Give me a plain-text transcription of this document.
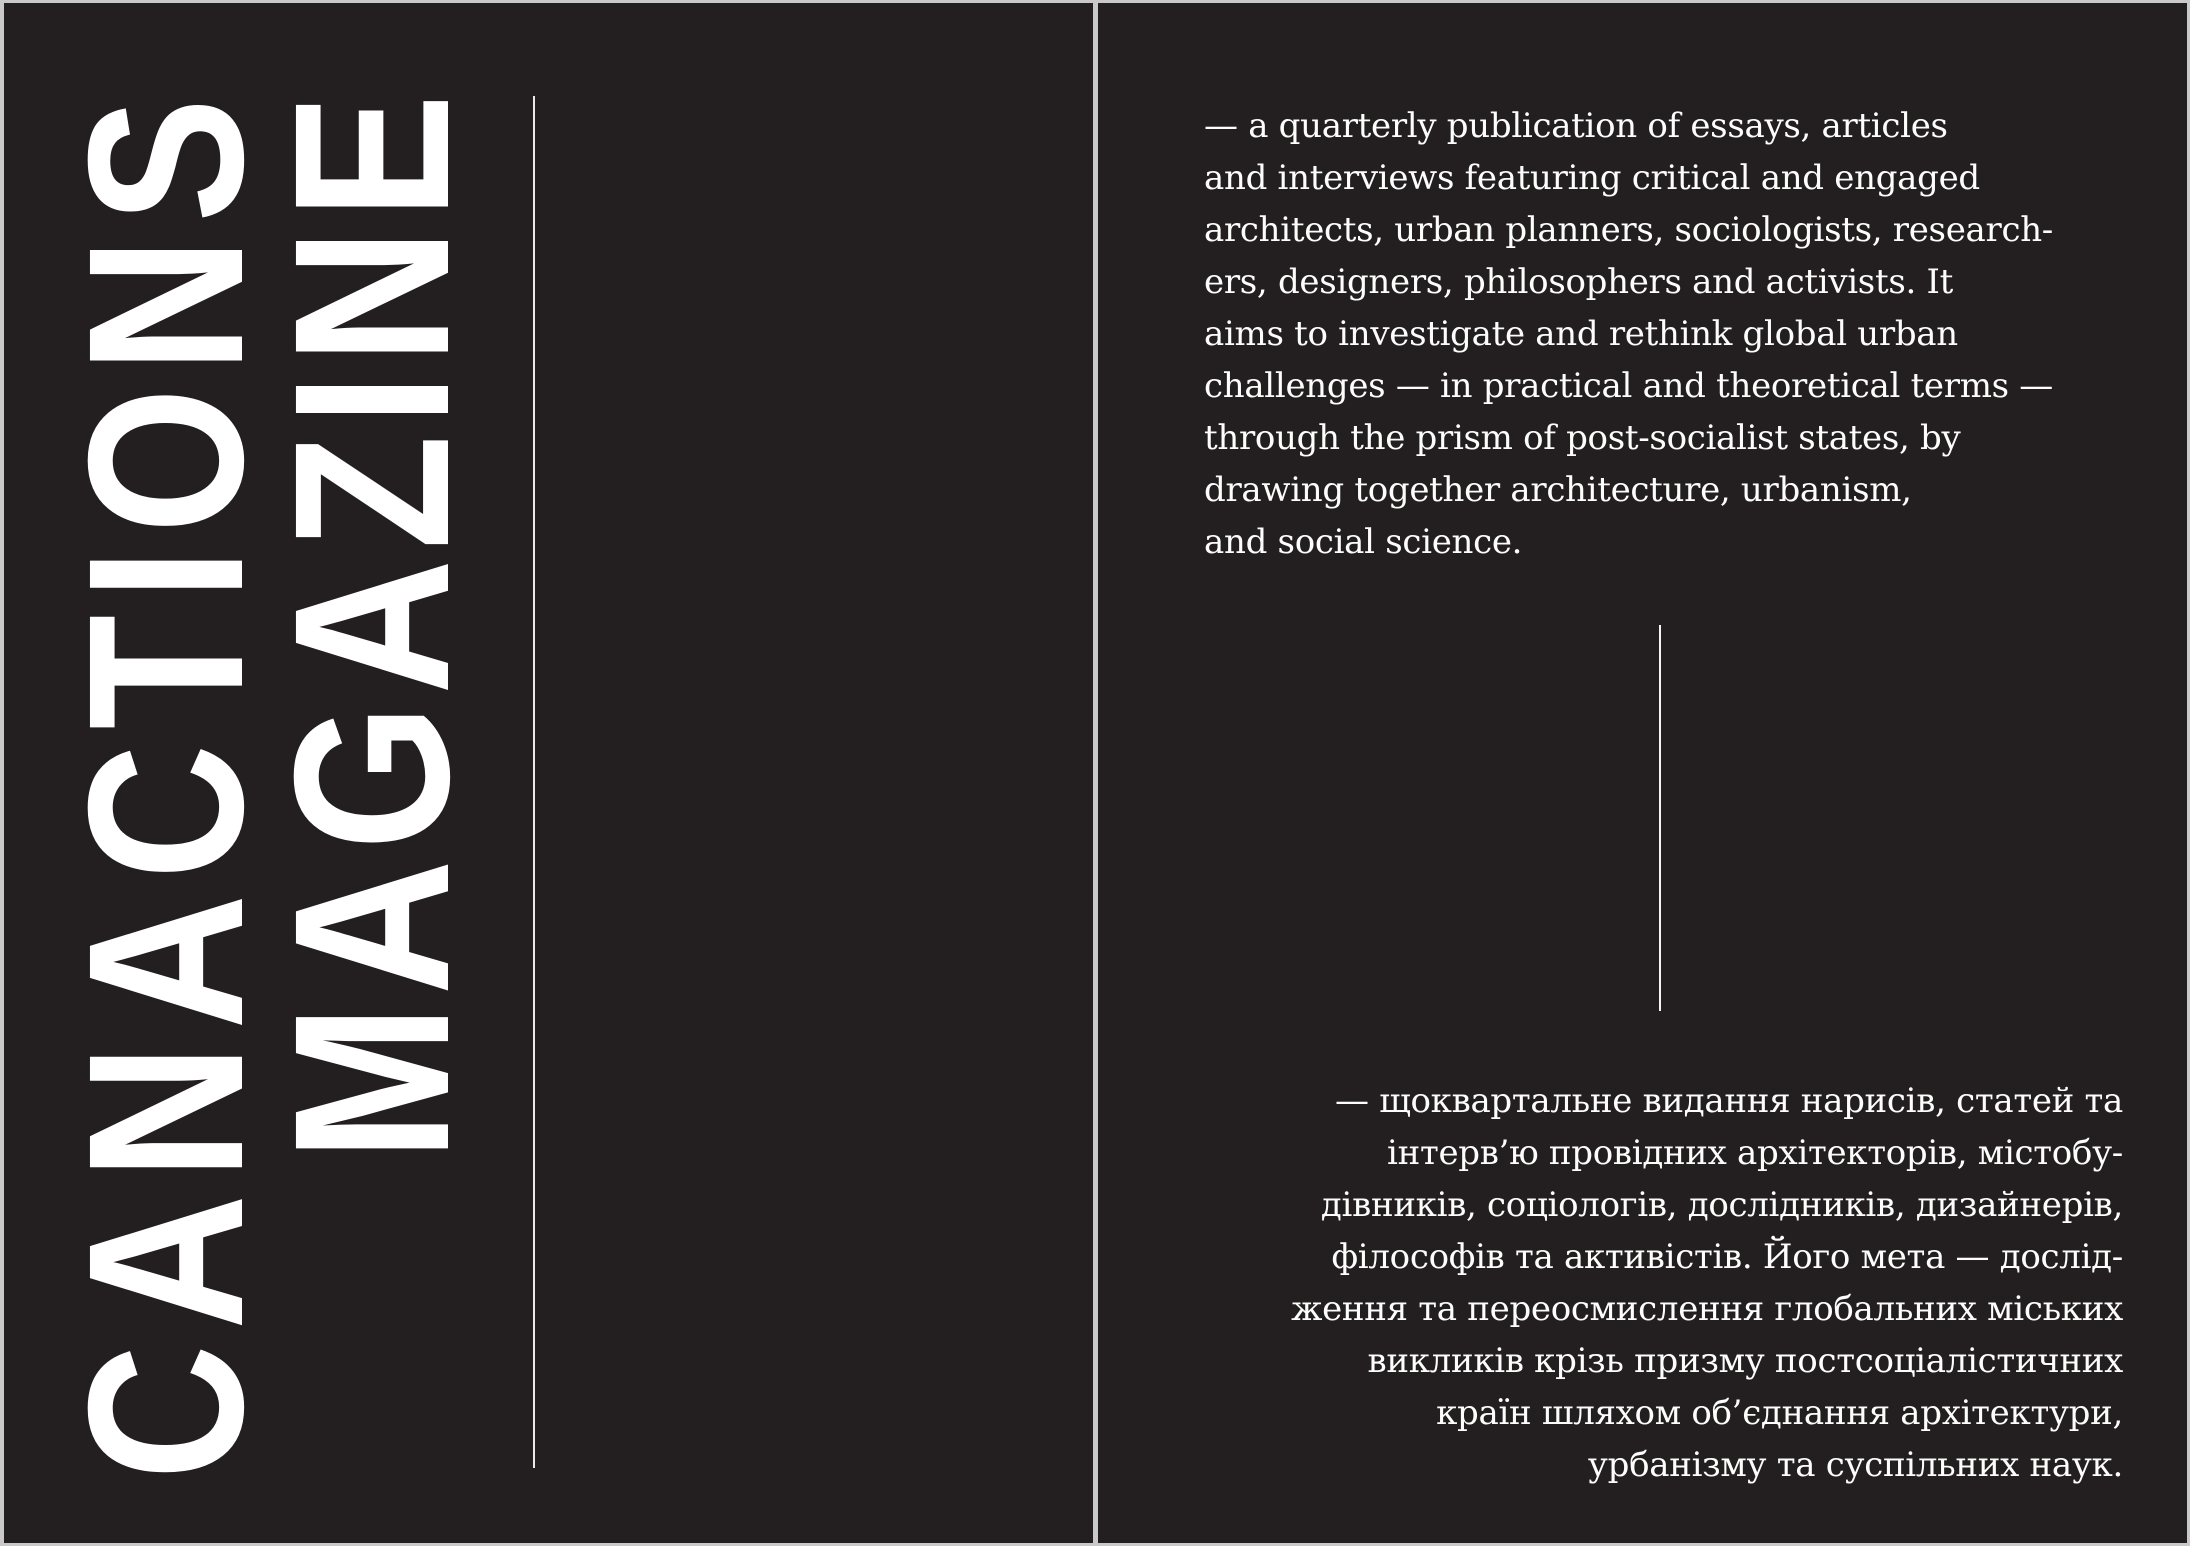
CANACTIONS
MAGAZINE	— a quarterly publication of essays, articles
and interviews featuring critical and engaged
architects, urban planners, sociologists, research-
ers, designers, philosophers and activists. It
aims to investigate and rethink global urban
challenges — in practical and theoretical terms —
through the prism of post-socialist states, by
drawing together architecture, urbanism,
and social science.
— щоквартальне видання нарисів, статей та
інтерв’ю провідних архітекторів, містобу-
дівників, соціологів, дослідників, дизайнерів,
філософів та активістів. Його мета — дослід-
ження та переосмислення глобальних міських
викликів крізь призму постсоціалістичних
країн шляхом об’єднання архітектури,
урбанізму та суспільних наук.
